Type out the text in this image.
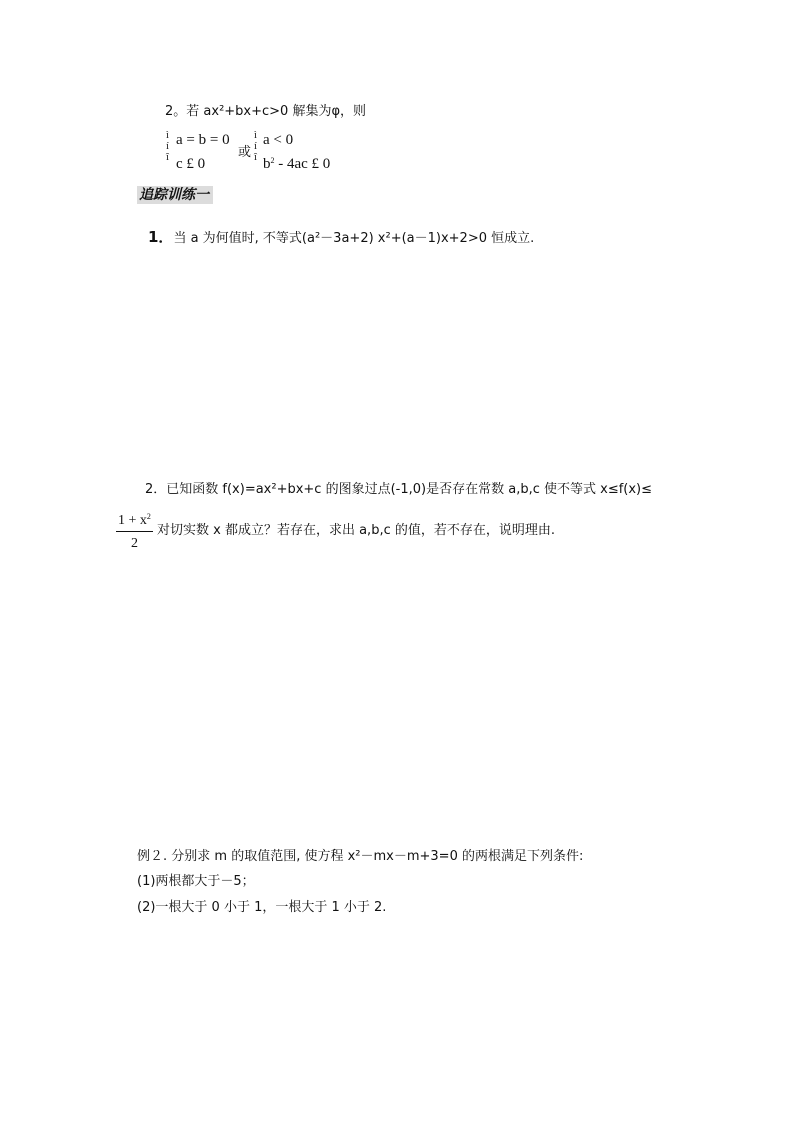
2。若 ax²+bx+c>0 解集为φ，则
ì
í
î
a = b = 0
c £ 0
或
ì
í
î
a < 0
$b^2 - 4ac$ £ 0
追踪训练一
1．当 a 为何值时, 不等式(a²－3a+2) x²+(a－1)x+2>0 恒成立.
2．已知函数 f(x)=ax²+bx+c 的图象过点(-1,0)是否存在常数 a,b,c 使不等式 x≤f(x)≤
$1 + x^2$
2
对切实数 x 都成立？若存在，求出 a,b,c 的值，若不存在，说明理由.
例２. 分别求 m 的取值范围, 使方程 x²－mx－m+3=0 的两根满足下列条件:
(1)两根都大于－5；
(2)一根大于 0 小于 1，一根大于 1 小于 2.
